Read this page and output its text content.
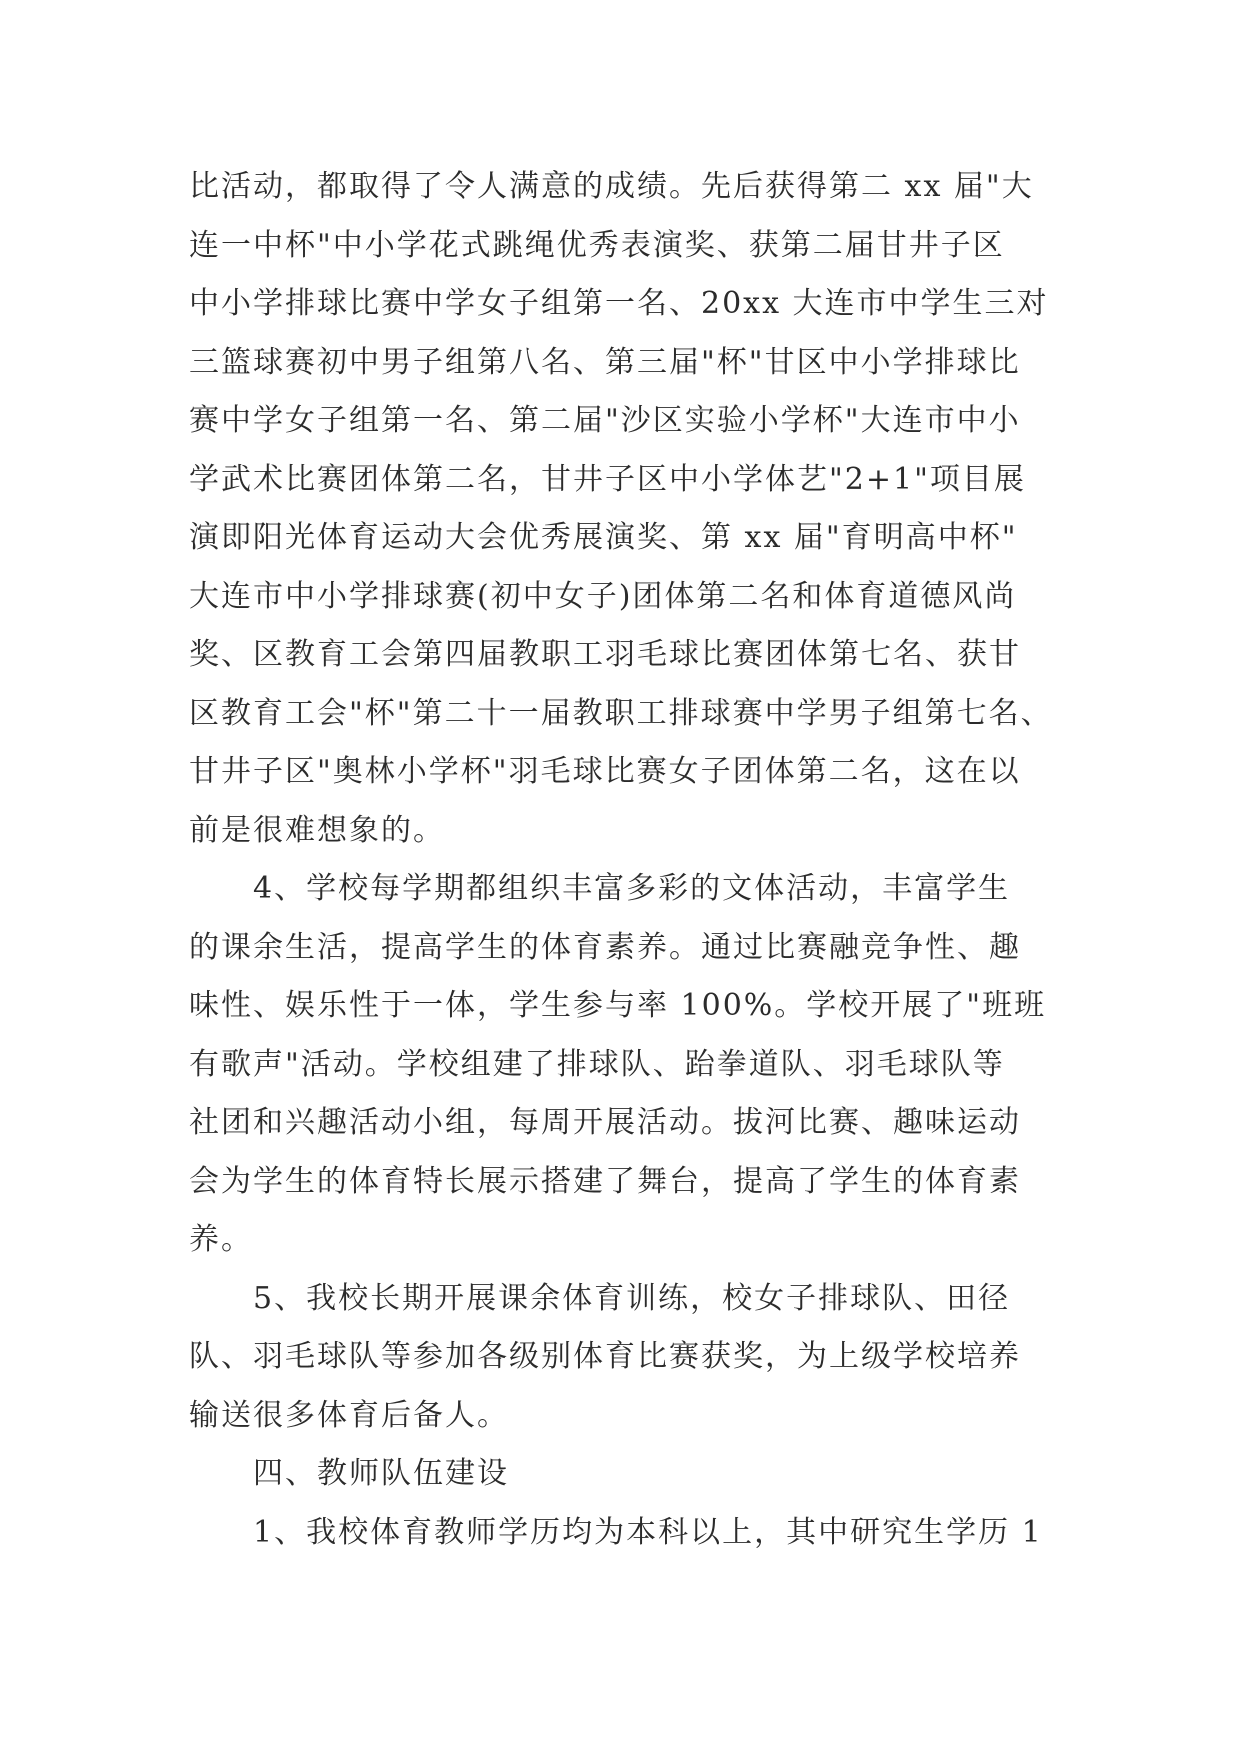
比活动，都取得了令人满意的成绩。先后获得第二 xx 届"大
连一中杯"中小学花式跳绳优秀表演奖、获第二届甘井子区
中小学排球比赛中学女子组第一名、20xx 大连市中学生三对
三篮球赛初中男子组第八名、第三届"杯"甘区中小学排球比
赛中学女子组第一名、第二届"沙区实验小学杯"大连市中小
学武术比赛团体第二名，甘井子区中小学体艺"2+1"项目展
演即阳光体育运动大会优秀展演奖、第 xx 届"育明高中杯"
大连市中小学排球赛(初中女子)团体第二名和体育道德风尚
奖、区教育工会第四届教职工羽毛球比赛团体第七名、获甘
区教育工会"杯"第二十一届教职工排球赛中学男子组第七名、
甘井子区"奥林小学杯"羽毛球比赛女子团体第二名，这在以
前是很难想象的。
4、学校每学期都组织丰富多彩的文体活动，丰富学生
的课余生活，提高学生的体育素养。通过比赛融竞争性、趣
味性、娱乐性于一体，学生参与率 100%。学校开展了"班班
有歌声"活动。学校组建了排球队、跆拳道队、羽毛球队等
社团和兴趣活动小组，每周开展活动。拔河比赛、趣味运动
会为学生的体育特长展示搭建了舞台，提高了学生的体育素
养。
5、我校长期开展课余体育训练，校女子排球队、田径
队、羽毛球队等参加各级别体育比赛获奖，为上级学校培养
输送很多体育后备人。
四、教师队伍建设
1、我校体育教师学历均为本科以上，其中研究生学历 1
